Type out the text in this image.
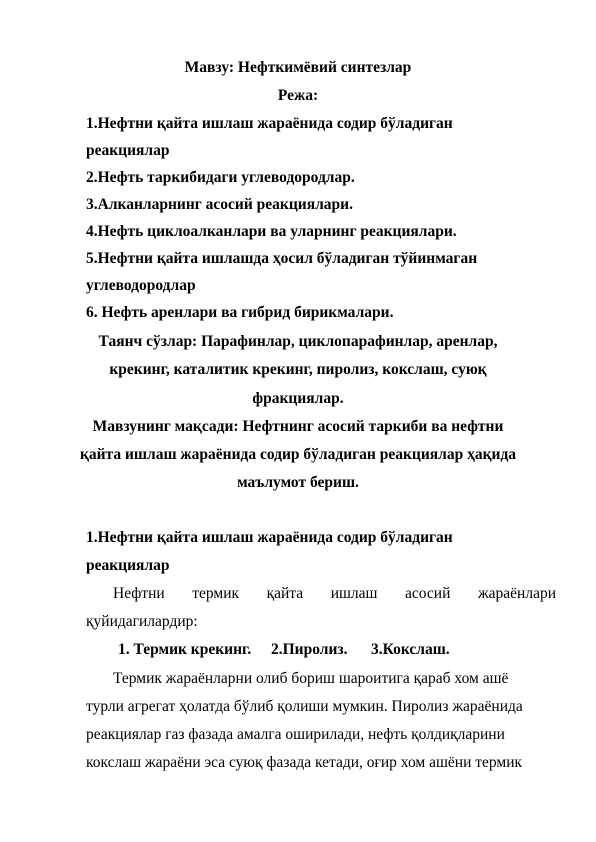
Мавзу: Нефткимёвий синтезлар
Режа:
1.Нефтни қайта ишлаш жараёнида содир бўладиган
реакциялар
2.Нефть таркибидаги углеводородлар.
3.Алканларнинг асосий реакциялари.
4.Нефть циклоалканлари ва уларнинг реакциялари.
5.Нефтни қайта ишлашда ҳосил бўладиган тўйинмаган
углеводородлар
6. Нефть аренлари ва гибрид бирикмалари.
Таянч сўзлар: Парафинлар, циклопарафинлар, аренлар,
крекинг, каталитик крекинг, пиролиз, кокслаш, суюқ
фракциялар.
Мавзунинг мақсади: Нефтнинг асосий таркиби ва нефтни
қайта ишлаш жараёнида содир бўладиган реакциялар ҳақида
маълумот бериш.
1.Нефтни қайта ишлаш жараёнида содир бўладиган
реакциялар
Нефтни термик қайта ишлаш асосий жараёнлари
қуйидагилардир:
1. Термик крекинг. 2.Пиролиз. 3.Кокслаш.
Термик жараёнларни олиб бориш шароитига қараб хом ашё
турли агрегат ҳолатда бўлиб қолиши мумкин. Пиролиз жараёнида
реакциялар газ фазада амалга оширилади, нефть қолдиқларини
кокслаш жараёни эса суюқ фазада кетади, оғир хом ашёни термик
